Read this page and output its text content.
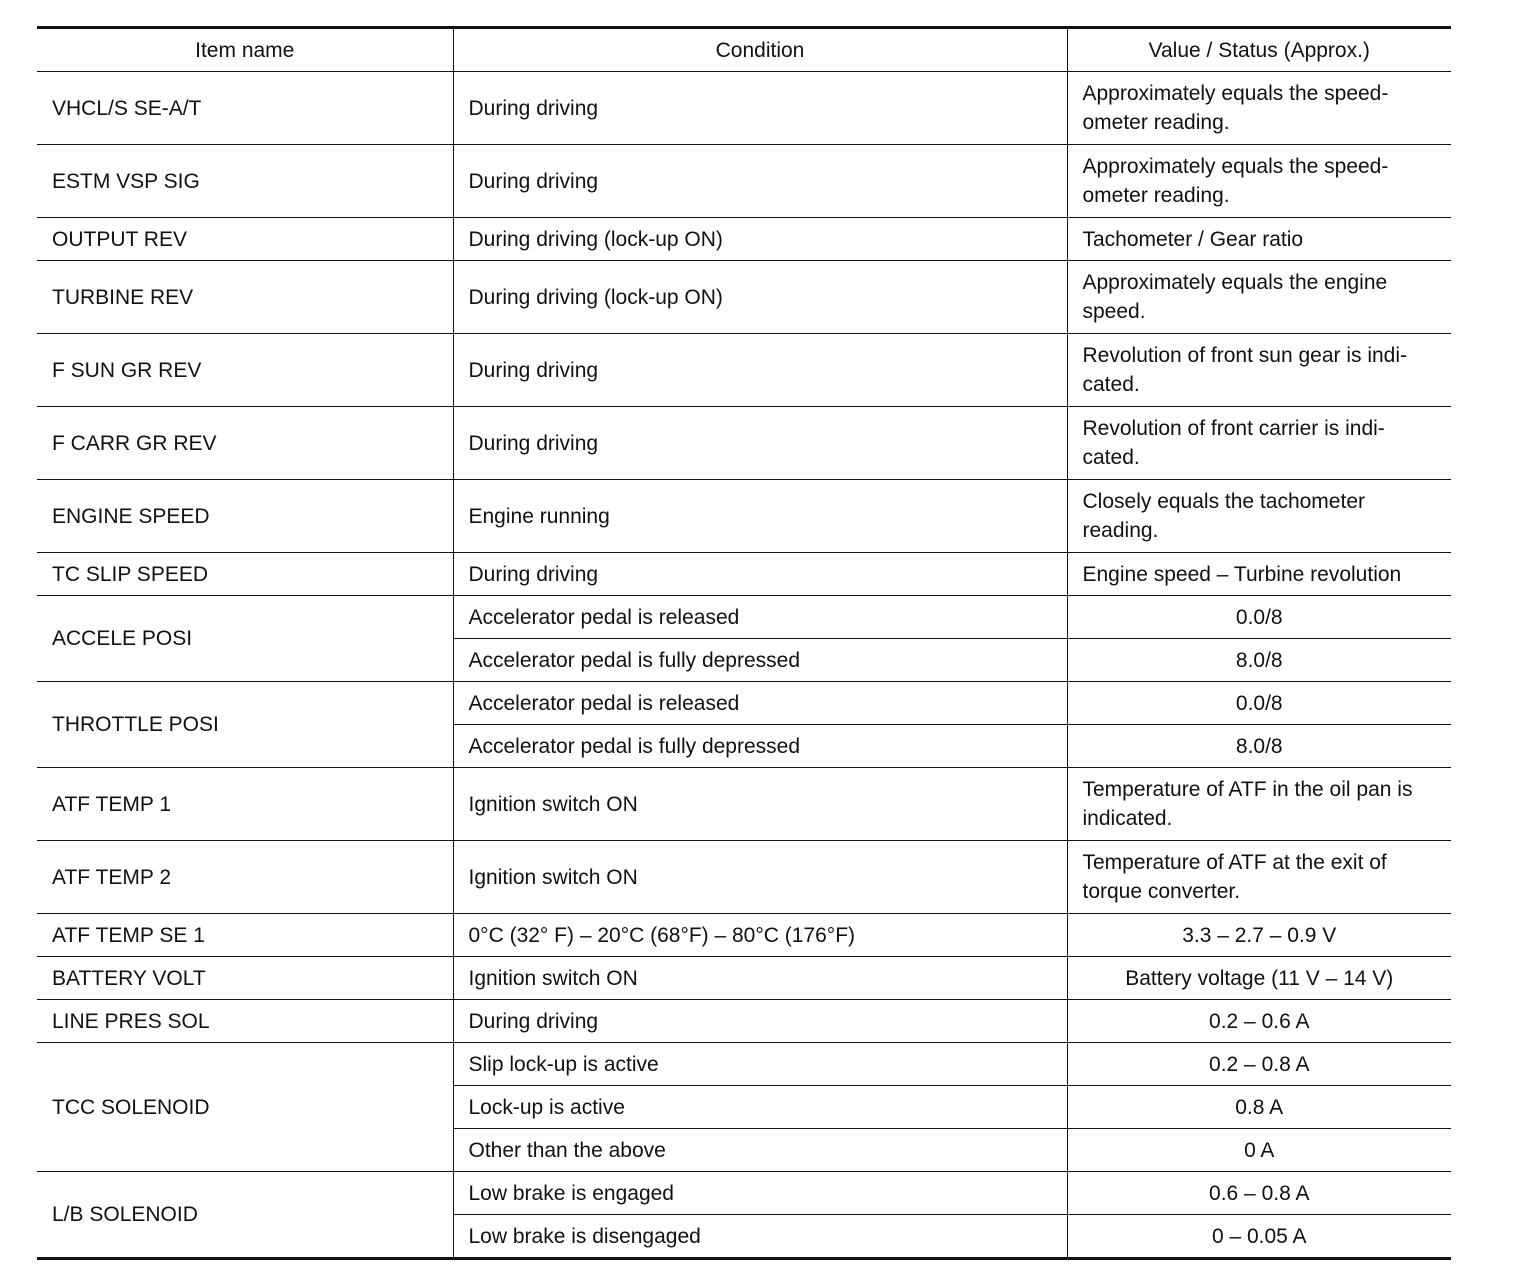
Item name	Condition	Value / Status (Approx.)
VHCL/S SE-A/T	During driving	Approximately equals the speed-ometer reading.
ESTM VSP SIG	During driving	Approximately equals the speed-ometer reading.
OUTPUT REV	During driving (lock-up ON)	Tachometer / Gear ratio
TURBINE REV	During driving (lock-up ON)	Approximately equals the engine speed.
F SUN GR REV	During driving	Revolution of front sun gear is indi-cated.
F CARR GR REV	During driving	Revolution of front carrier is indi-cated.
ENGINE SPEED	Engine running	Closely equals the tachometer reading.
TC SLIP SPEED	During driving	Engine speed – Turbine revolution
ACCELE POSI	Accelerator pedal is released	0.0/8
	Accelerator pedal is fully depressed	8.0/8
THROTTLE POSI	Accelerator pedal is released	0.0/8
	Accelerator pedal is fully depressed	8.0/8
ATF TEMP 1	Ignition switch ON	Temperature of ATF in the oil pan is indicated.
ATF TEMP 2	Ignition switch ON	Temperature of ATF at the exit of torque converter.
ATF TEMP SE 1	0°C (32° F) – 20°C (68°F) – 80°C (176°F)	3.3 – 2.7 – 0.9 V
BATTERY VOLT	Ignition switch ON	Battery voltage (11 V – 14 V)
LINE PRES SOL	During driving	0.2 – 0.6 A
TCC SOLENOID	Slip lock-up is active	0.2 – 0.8 A
	Lock-up is active	0.8 A
	Other than the above	0 A
L/B SOLENOID	Low brake is engaged	0.6 – 0.8 A
	Low brake is disengaged	0 – 0.05 A
